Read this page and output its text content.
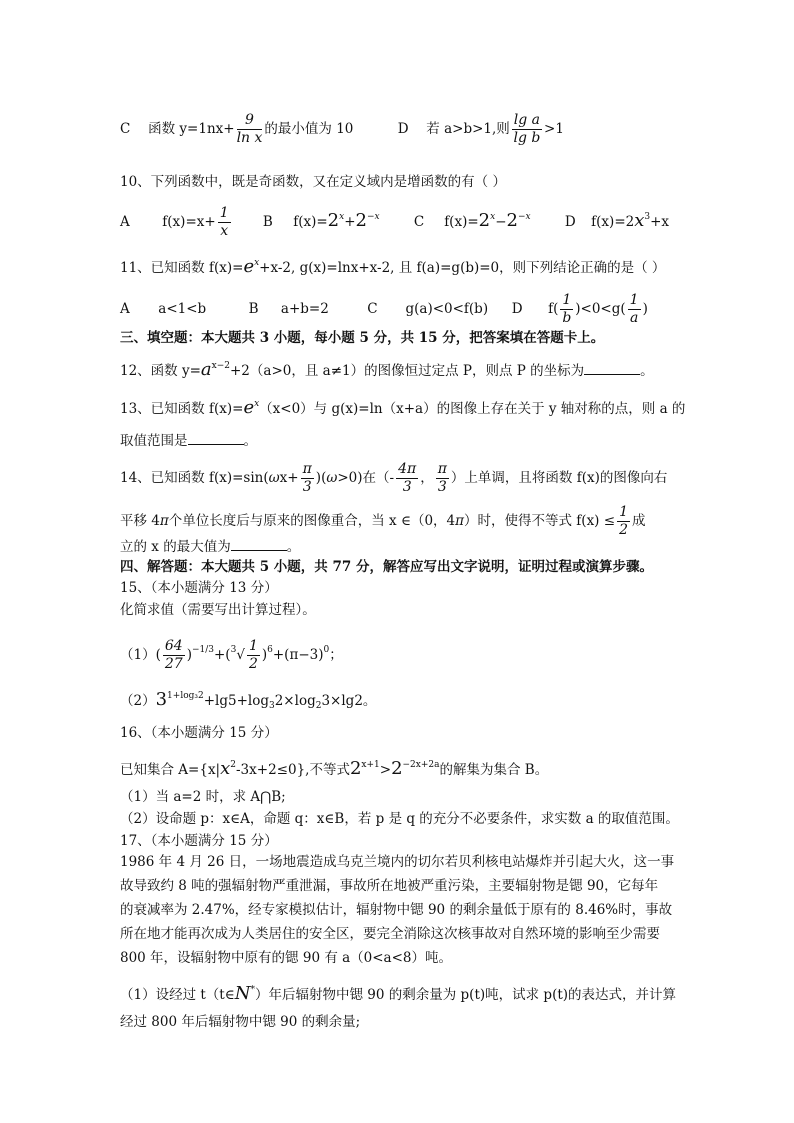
C　 函数 $y=1nx+ \frac{9}{\text{ln x}}$ 的最小值为 10	D　 若 a>b>1,则 $\frac{\text{lg a}}{\text{lg b}} >1$
10、下列函数中，既是奇函数，又在定义域内是增函数的有（ ）
A $f(x)=x+ \frac{1}{x}$ B $f(x)=2^x+2^{-x}$	C $f(x)=2^x-2^{-x}$	D $f(x)=2x^3+x$
11、已知函数 $f(x)=e^x+x-2$, g(x)=lnx+x-2, 且 f(a)=g(b)=0，则下列结论正确的是（ ）
A a<1<b	B a+b=2	C g(a)<0<f(b) D $f( \frac{1}{b} )<0<g( \frac{1}{a}$ )
三、填空题：本大题共 3 小题，每小题 5 分，共 15 分，把答案填在答题卡上。
12、函数 $y=a^{x-2}+2(a>0$，且 a≠1）的图像恒过定点 P，则点 P 的坐标为	。
13、已知函数 $f(x)=e^x(x<0)$与 g(x)=ln（x+a）的图像上存在关于 y 轴对称的点，则 a 的
取值范围是	。
14、已知函数 $f(x)=\sin(\omega x+ \frac{\pi}{3} )(\omega>0)$在（- $\frac{4\pi}{3}$ ， $\frac{\pi}{3}$ ）上单调，且将函数 f(x)的图像向右
平移 4π个单位长度后与原来的图像重合，当 x ∈（0，4π）时，使得不等式 $f(x) \le \frac{1}{2}$ 成
立的 x 的最大值为	。
四、解答题：本大题共 5 小题，共 77 分，解答应写出文字说明，证明过程或演算步骤。
15、（本小题满分 13 分）
化简求值（需要写出计算过程）。
$(1)( \frac{64}{27} )^{-1/3}+(^3√ \frac{1}{2} )^6+(\pi-3)^0$；
$(2)3^{1+log_32}+\lg 5+\log_32\times\log_23\times\lg 2$。
16、（本小题满分 15 分）
已知集合 $A=\{x|x^2-3x+2\le 0\}$,不等式$2^{x+1}>2^{-2x+2a}$的解集为集合 B。
（1）当 a=2 时，求 A⋂B;
（2）设命题 p：x∈A，命题 q：x∈B，若 p 是 q 的充分不必要条件，求实数 a 的取值范围。
17、（本小题满分 15 分）
1986 年 4 月 26 日，一场地震造成乌克兰境内的切尔若贝利核电站爆炸并引起大火，这一事
故导致约 8 吨的强辐射物严重泄漏，事故所在地被严重污染，主要辐射物是锶 90，它每年
的衰减率为 2.47%，经专家模拟估计，辐射物中锶 90 的剩余量低于原有的 8.46%时，事故
所在地才能再次成为人类居住的安全区，要完全消除这次核事故对自然环境的影响至少需要
800 年，设辐射物中原有的锶 90 有 a（0<a<8）吨。
（1）设经过 t（t∈N*）年后辐射物中锶 90 的剩余量为 p(t)吨，试求 p(t)的表达式，并计算
经过 800 年后辐射物中锶 90 的剩余量;
